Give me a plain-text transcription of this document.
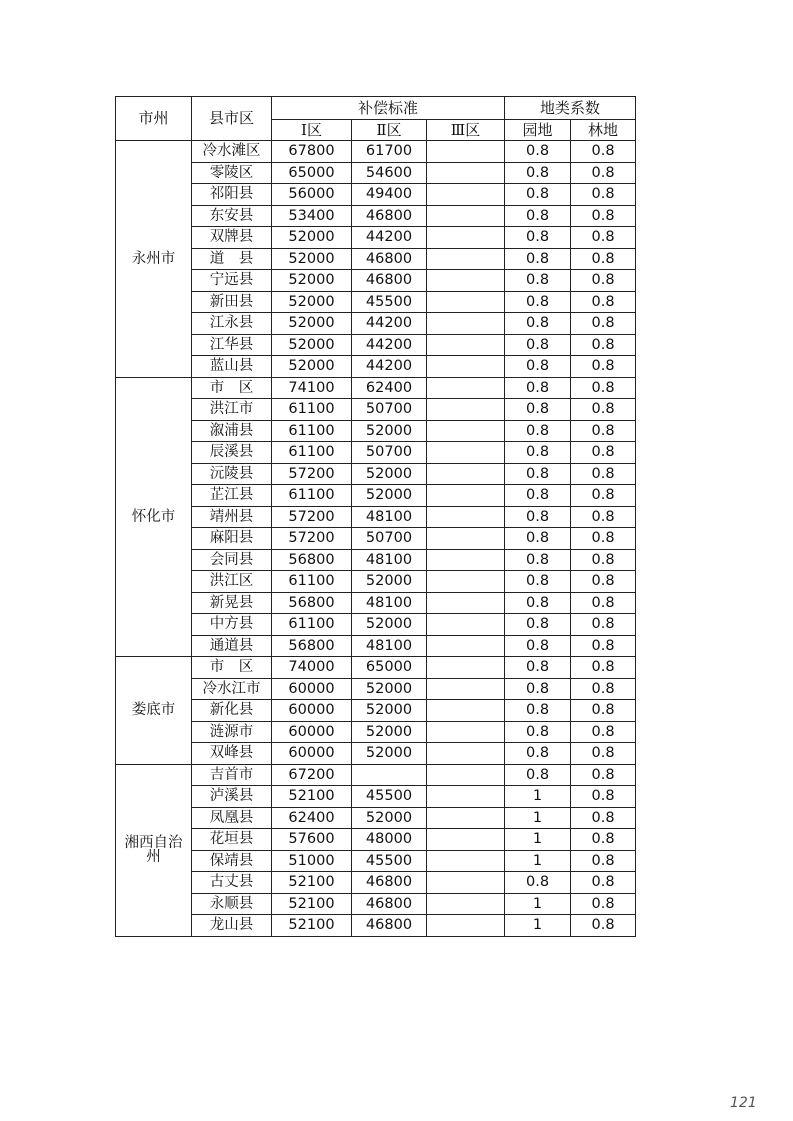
市州	县市区	补偿标准			地类系数	
		Ⅰ区	Ⅱ区	Ⅲ区	园地	林地
永州市	冷水滩区	67800	61700		0.8	0.8
	零陵区	65000	54600		0.8	0.8
	祁阳县	56000	49400		0.8	0.8
	东安县	53400	46800		0.8	0.8
	双牌县	52000	44200		0.8	0.8
	道　县	52000	46800		0.8	0.8
	宁远县	52000	46800		0.8	0.8
	新田县	52000	45500		0.8	0.8
	江永县	52000	44200		0.8	0.8
	江华县	52000	44200		0.8	0.8
	蓝山县	52000	44200		0.8	0.8
怀化市	市　区	74100	62400		0.8	0.8
	洪江市	61100	50700		0.8	0.8
	溆浦县	61100	52000		0.8	0.8
	辰溪县	61100	50700		0.8	0.8
	沅陵县	57200	52000		0.8	0.8
	芷江县	61100	52000		0.8	0.8
	靖州县	57200	48100		0.8	0.8
	麻阳县	57200	50700		0.8	0.8
	会同县	56800	48100		0.8	0.8
	洪江区	61100	52000		0.8	0.8
	新晃县	56800	48100		0.8	0.8
	中方县	61100	52000		0.8	0.8
	通道县	56800	48100		0.8	0.8
娄底市	市　区	74000	65000		0.8	0.8
	冷水江市	60000	52000		0.8	0.8
	新化县	60000	52000		0.8	0.8
	涟源市	60000	52000		0.8	0.8
	双峰县	60000	52000		0.8	0.8
湘西自治州	吉首市	67200			0.8	0.8
	泸溪县	52100	45500		1	0.8
	凤凰县	62400	52000		1	0.8
	花垣县	57600	48000		1	0.8
	保靖县	51000	45500		1	0.8
	古丈县	52100	46800		0.8	0.8
	永顺县	52100	46800		1	0.8
	龙山县	52100	46800		1	0.8
121
